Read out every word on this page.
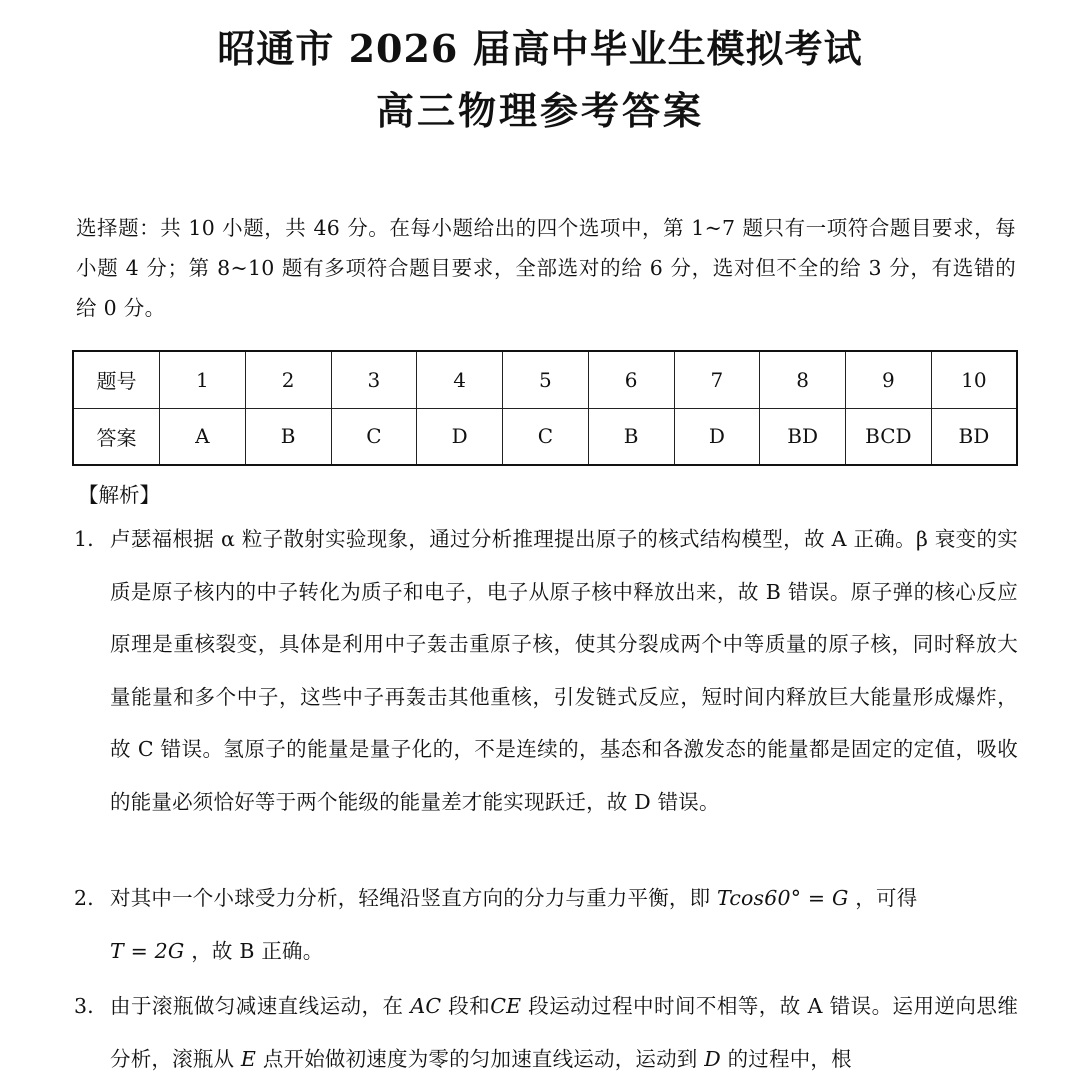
昭通市 2026 届高中毕业生模拟考试
高三物理参考答案
选择题：共 10 小题，共 46 分。在每小题给出的四个选项中，第 1~7 题只有一项符合题目要求，每小题 4 分；第 8~10 题有多项符合题目要求，全部选对的给 6 分，选对但不全的给 3 分，有选错的给 0 分。
题号	1	2	3	4	5	6	7	8	9	10
答案	A	B	C	D	C	B	D	BD	BCD	BD
【解析】
1． 卢瑟福根据 α 粒子散射实验现象，通过分析推理提出原子的核式结构模型，故 A 正确。β 衰变的实质是原子核内的中子转化为质子和电子，电子从原子核中释放出来，故 B 错误。原子弹的核心反应原理是重核裂变，具体是利用中子轰击重原子核，使其分裂成两个中等质量的原子核，同时释放大量能量和多个中子，这些中子再轰击其他重核，引发链式反应，短时间内释放巨大能量形成爆炸，故 C 错误。氢原子的能量是量子化的，不是连续的，基态和各激发态的能量都是固定的定值，吸收的能量必须恰好等于两个能级的能量差才能实现跃迁，故 D 错误。
2． 对其中一个小球受力分析，轻绳沿竖直方向的分力与重力平衡，即 Tcos60° = G ，可得
T = 2G ，故 B 正确。
3． 由于滚瓶做匀减速直线运动，在 AC 段和CE 段运动过程中时间不相等，故 A 错误。运用逆向思维分析，滚瓶从 E 点开始做初速度为零的匀加速直线运动，运动到 D 的过程中，根
